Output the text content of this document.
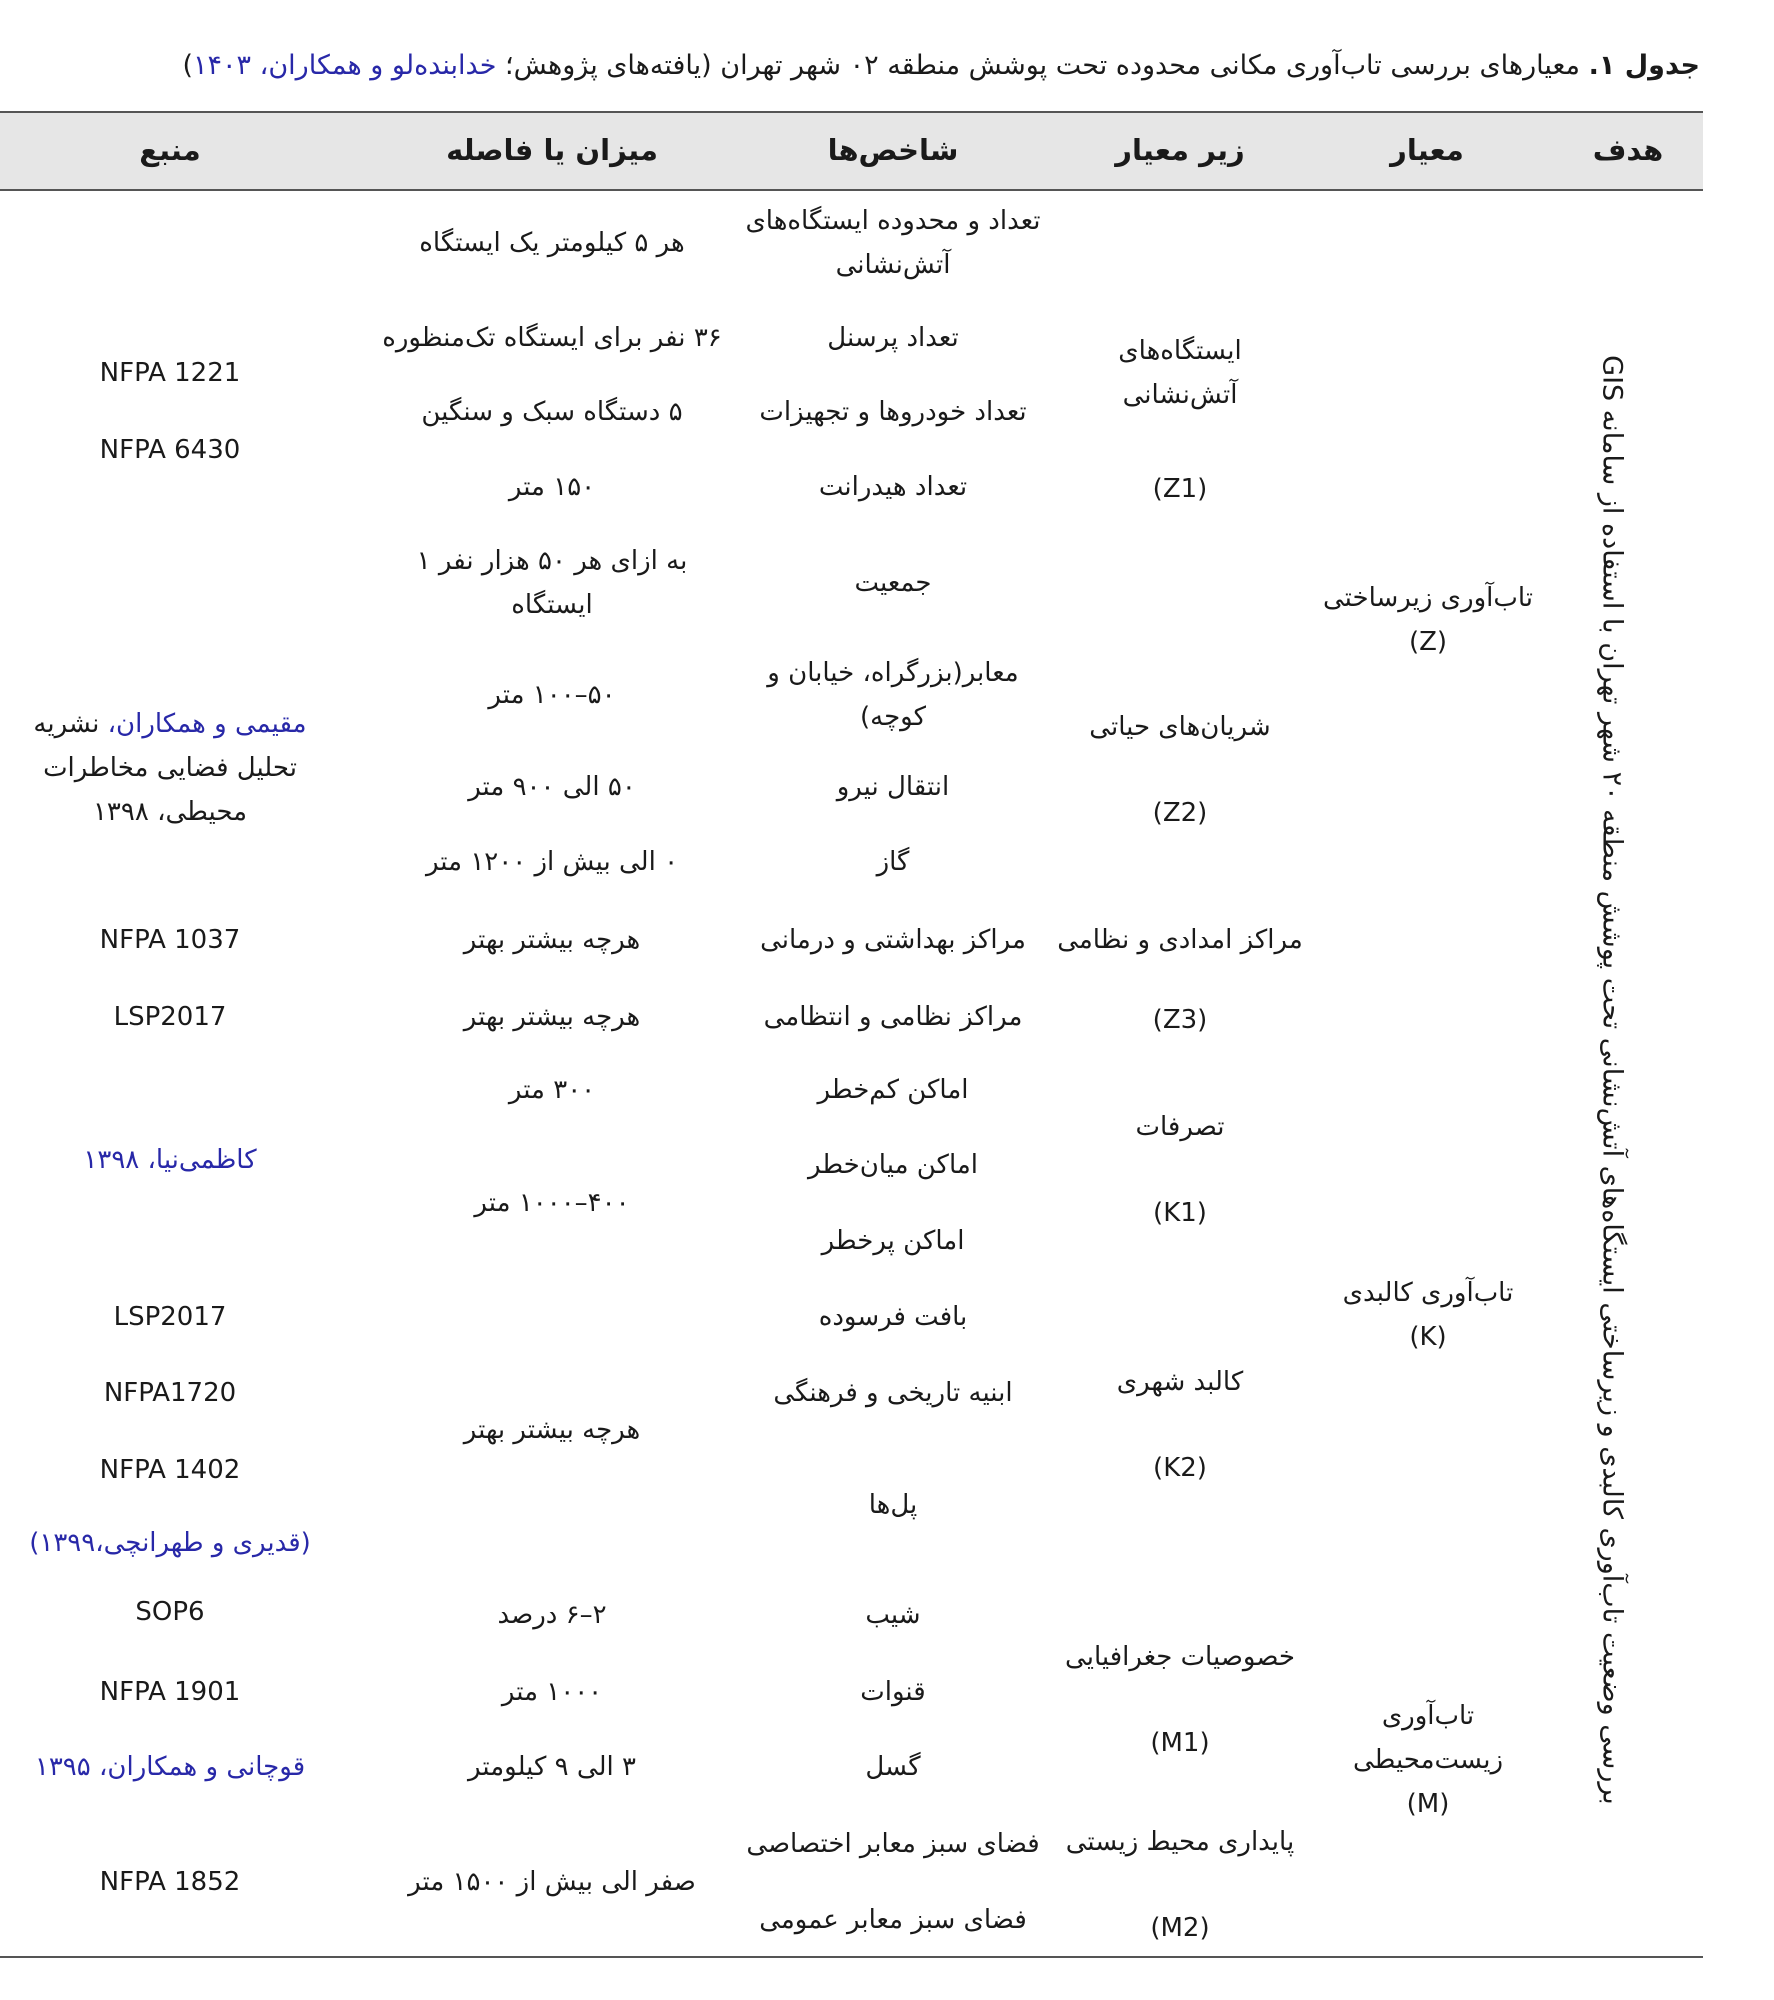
جدول ۱. معیارهای بررسی تاب‌آوری مکانی محدوده تحت پوشش منطقه ۰۲ شهر تهران (یافته‌های پژوهش؛ خدابنده‌لو و همکاران، ۱۴۰۳)
هدف
معیار
زیر معیار
شاخص‌ها
میزان یا فاصله
منبع
بررسی وضعیت تاب‌آوری کالبدی و زیرساختی ایستگاه‌های آتش‌نشانی تحت پوشش منطقه ۲۰ شهر تهران با استفاده از سامانه GIS
تاب‌آوری زیرساختی
(Z)
تاب‌آوری کالبدی
(K)
تاب‌آوری زیست‌محیطی
(M)
ایستگاه‌های آتش‌نشانی
(Z1)
شریان‌های حیاتی
(Z2)
مراکز امدادی و نظامی
(Z3)
تصرفات
(K1)
کالبد شهری
(K2)
خصوصیات جغرافیایی
(M1)
پایداری محیط زیستی
(M2)
تعداد و محدوده ایستگاه‌های آتش‌نشانی
تعداد پرسنل
تعداد خودروها و تجهیزات
تعداد هیدرانت
جمعیت
معابر(بزرگراه، خیابان و کوچه)
انتقال نیرو
گاز
مراکز بهداشتی و درمانی
مراکز نظامی و انتظامی
اماکن کم‌خطر
اماکن میان‌خطر
اماکن پرخطر
بافت فرسوده
ابنیه تاریخی و فرهنگی
پل‌ها
شیب
قنوات
گسل
فضای سبز معابر اختصاصی
فضای سبز معابر عمومی
هر ۵ کیلومتر یک ایستگاه
۳۶ نفر برای ایستگاه تک‌منظوره
۵ دستگاه سبک و سنگین
۱۵۰ متر
به ازای هر ۵۰ هزار نفر ۱ ایستگاه
۵۰–۱۰۰ متر
۵۰ الی ۹۰۰ متر
۰ الی بیش از ۱۲۰۰ متر
هرچه بیشتر بهتر
هرچه بیشتر بهتر
۳۰۰ متر
۴۰۰–۱۰۰۰ متر
هرچه بیشتر بهتر
۲–۶ درصد
۱۰۰۰ متر
۳ الی ۹ کیلومتر
صفر الی بیش از ۱۵۰۰ متر
NFPA 1221
NFPA 6430
مقیمی و همکاران، نشریه تحلیل فضایی مخاطرات محیطی، ۱۳۹۸
NFPA 1037
LSP2017
کاظمی‌نیا، ۱۳۹۸
LSP2017
NFPA1720
NFPA 1402
(قدیری و طهرانچی،۱۳۹۹)
SOP6
NFPA 1901
قوچانی و همکاران، ۱۳۹۵
NFPA 1852
